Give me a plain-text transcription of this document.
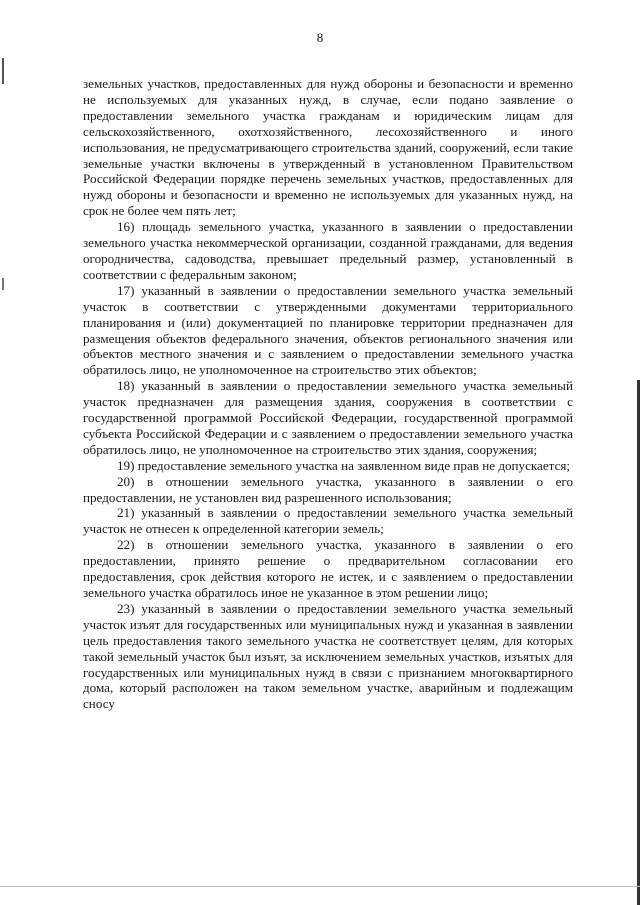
8

земельных участков, предоставленных для нужд обороны и безопасности и временно не используемых для указанных нужд, в случае, если подано заявление о предоставлении земельного участка гражданам и юридическим лицам для сельскохозяйственного, охотхозяйственного, лесохозяйственного и иного использования, не предусматривающего строительства зданий, сооружений, если такие земельные участки включены в утвержденный в установленном Правительством Российской Федерации порядке перечень земельных участков, предоставленных для нужд обороны и безопасности и временно не используемых для указанных нужд, на срок не более чем пять лет;

16) площадь земельного участка, указанного в заявлении о предоставлении земельного участка некоммерческой организации, созданной гражданами, для ведения огородничества, садоводства, превышает предельный размер, установленный в соответствии с федеральным законом;

17) указанный в заявлении о предоставлении земельного участка земельный участок в соответствии с утвержденными документами территориального планирования и (или) документацией по планировке территории предназначен для размещения объектов федерального значения, объектов регионального значения или объектов местного значения и с заявлением о предоставлении земельного участка обратилось лицо, не уполномоченное на строительство этих объектов;

18) указанный в заявлении о предоставлении земельного участка земельный участок предназначен для размещения здания, сооружения в соответствии с государственной программой Российской Федерации, государственной программой субъекта Российской Федерации и с заявлением о предоставлении земельного участка обратилось лицо, не уполномоченное на строительство этих здания, сооружения;

19) предоставление земельного участка на заявленном виде прав не допускается;

20) в отношении земельного участка, указанного в заявлении о его предоставлении, не установлен вид разрешенного использования;

21) указанный в заявлении о предоставлении земельного участка земельный участок не отнесен к определенной категории земель;

22) в отношении земельного участка, указанного в заявлении о его предоставлении, принято решение о предварительном согласовании его предоставления, срок действия которого не истек, и с заявлением о предоставлении земельного участка обратилось иное не указанное в этом решении лицо;

23) указанный в заявлении о предоставлении земельного участка земельный участок изъят для государственных или муниципальных нужд и указанная в заявлении цель предоставления такого земельного участка не соответствует целям, для которых такой земельный участок был изъят, за исключением земельных участков, изъятых для государственных или муниципальных нужд в связи с признанием многоквартирного дома, который расположен на таком земельном участке, аварийным и подлежащим сносу
